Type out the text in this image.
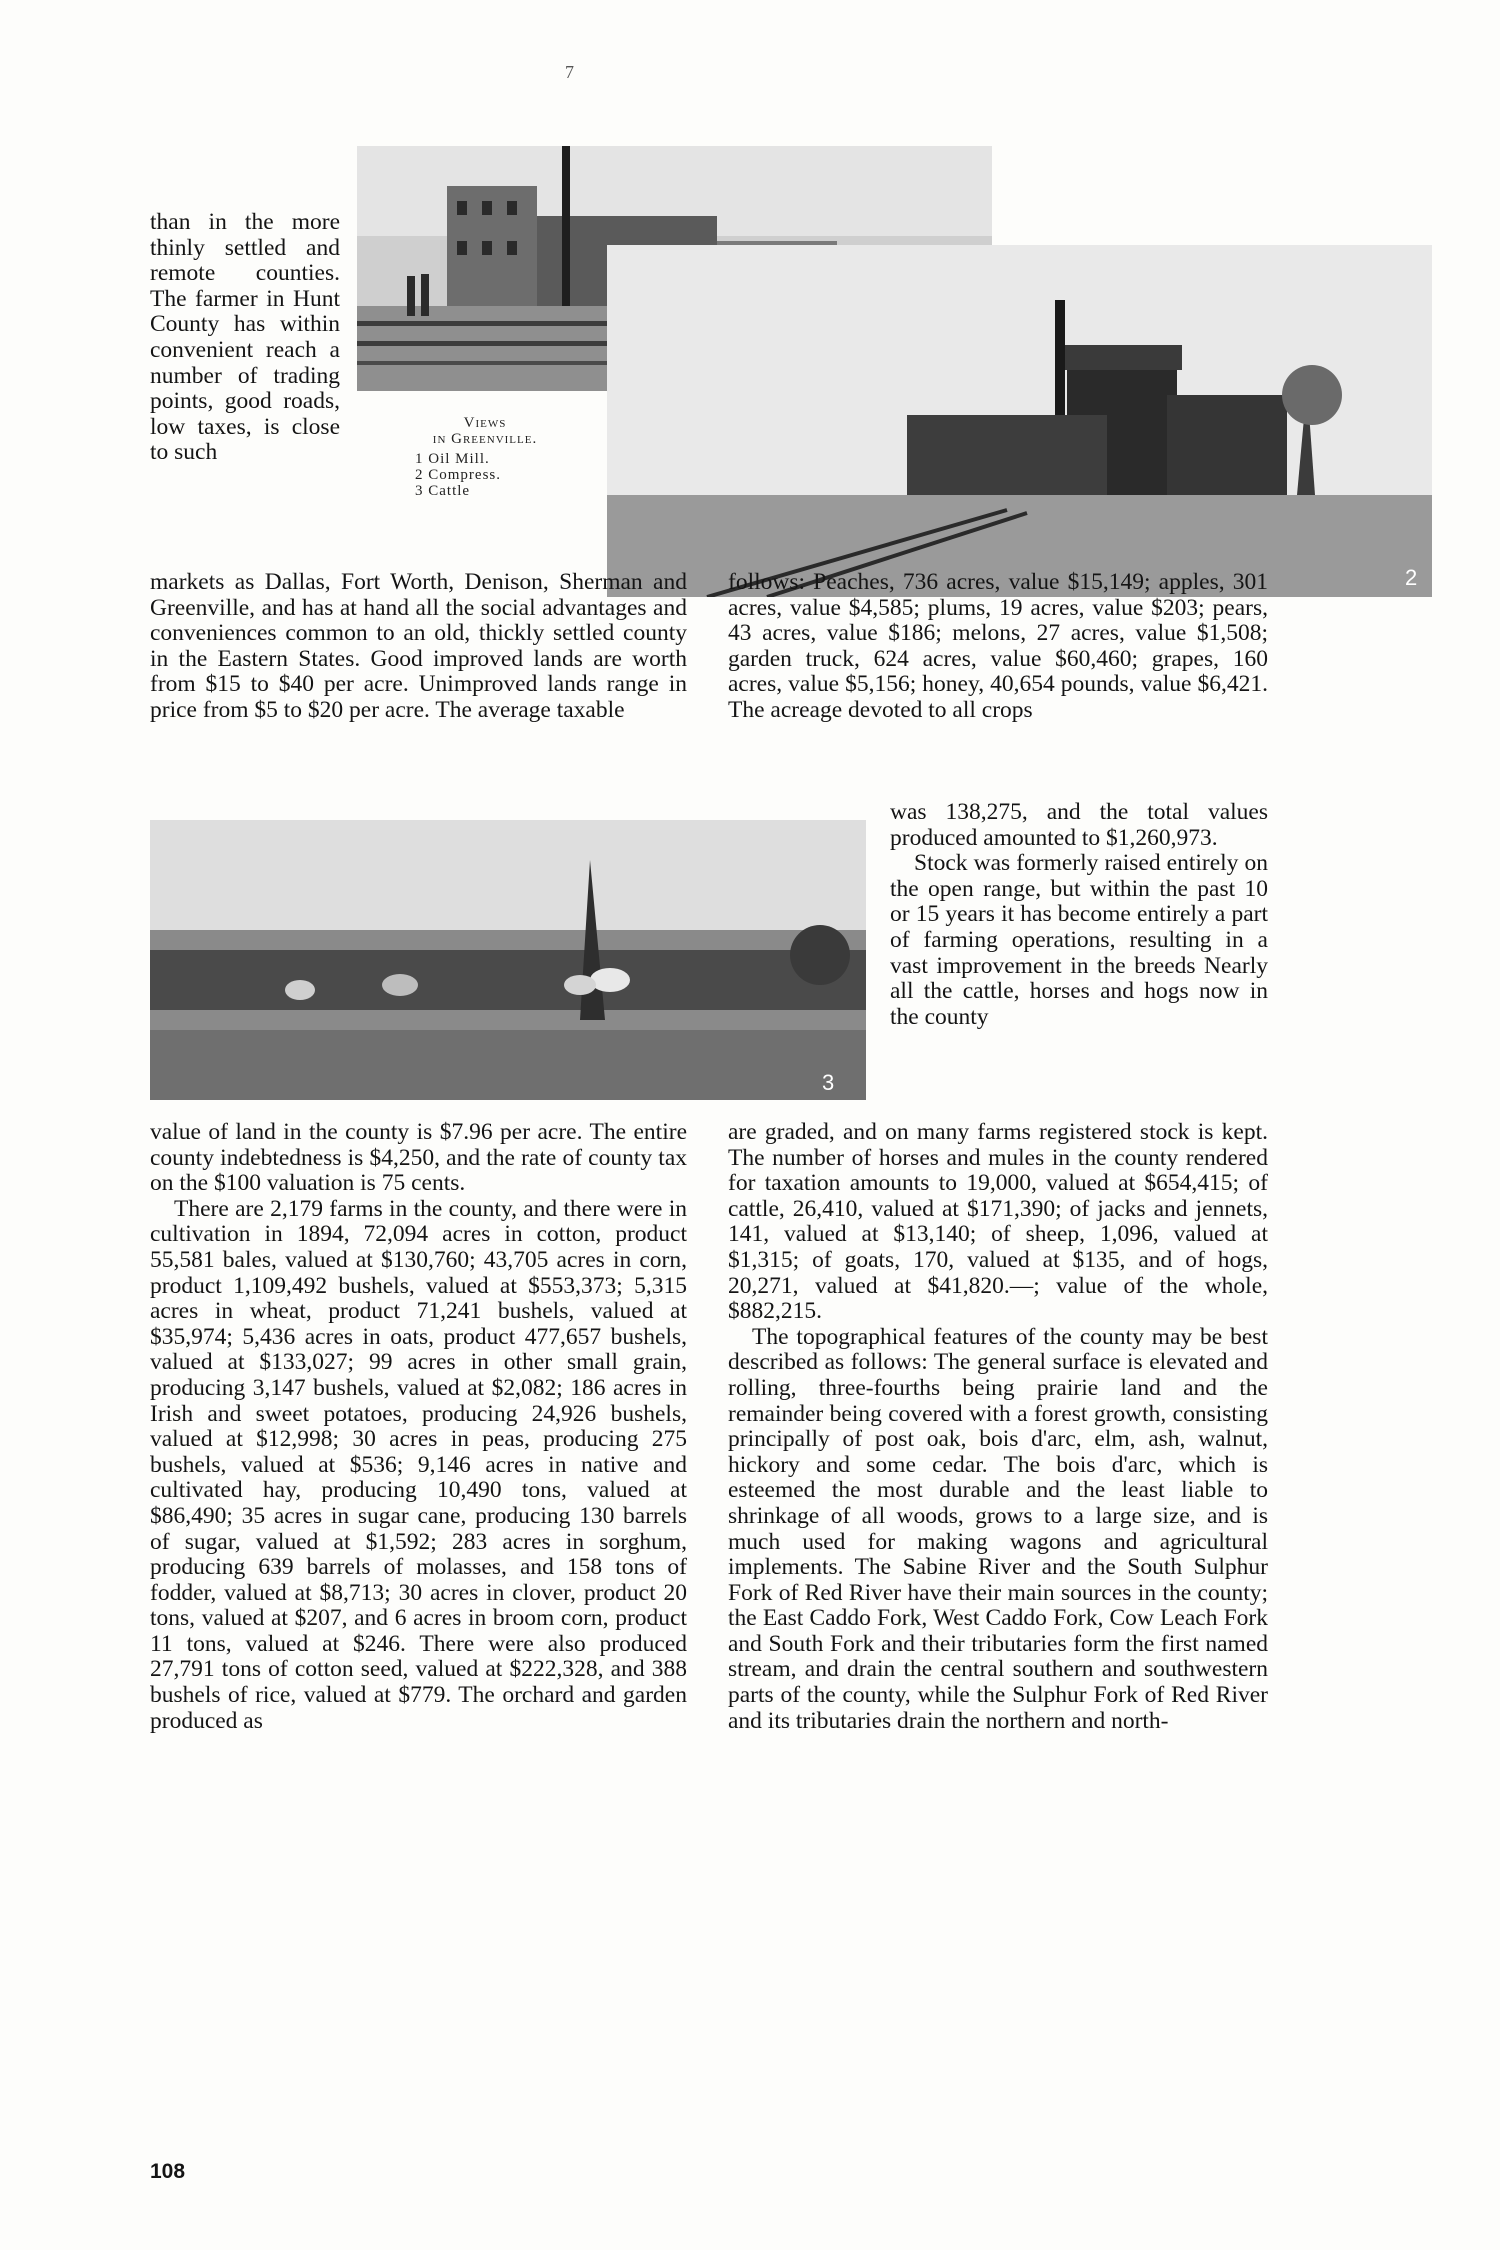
7
2
Views
in Greenville.
1 Oil Mill.
2 Compress.
3 Cattle
3

than in the more thinly settled and remote counties. The farmer in Hunt County has within convenient reach a number of trading points, good roads, low taxes, is close to such

markets as Dallas, Fort Worth, Denison, Sherman and Greenville, and has at hand all the social advantages and conveniences common to an old, thickly settled county in the Eastern States. Good improved lands are worth from $15 to $40 per acre. Unimproved lands range in price from $5 to $20 per acre. The average taxable

value of land in the county is $7.96 per acre. The entire county indebtedness is $4,250, and the rate of county tax on the $100 valuation is 75 cents.

There are 2,179 farms in the county, and there were in cultivation in 1894, 72,094 acres in cotton, product 55,581 bales, valued at $130,760; 43,705 acres in corn, product 1,109,492 bushels, valued at $553,373; 5,315 acres in wheat, product 71,241 bushels, valued at $35,974; 5,436 acres in oats, product 477,657 bushels, valued at $133,027; 99 acres in other small grain, producing 3,147 bushels, valued at $2,082; 186 acres in Irish and sweet potatoes, producing 24,926 bushels, valued at $12,998; 30 acres in peas, producing 275 bushels, valued at $536; 9,146 acres in native and cultivated hay, producing 10,490 tons, valued at $86,490; 35 acres in sugar cane, producing 130 barrels of sugar, valued at $1,592; 283 acres in sorghum, producing 639 barrels of molasses, and 158 tons of fodder, valued at $8,713; 30 acres in clover, product 20 tons, valued at $207, and 6 acres in broom corn, product 11 tons, valued at $246. There were also produced 27,791 tons of cotton seed, valued at $222,328, and 388 bushels of rice, valued at $779. The orchard and garden produced as

follows: Peaches, 736 acres, value $15,149; apples, 301 acres, value $4,585; plums, 19 acres, value $203; pears, 43 acres, value $186; melons, 27 acres, value $1,508; garden truck, 624 acres, value $60,460; grapes, 160 acres, value $5,156; honey, 40,654 pounds, value $6,421. The acreage devoted to all crops

was 138,275, and the total values produced amounted to $1,260,973.

Stock was formerly raised entirely on the open range, but within the past 10 or 15 years it has become entirely a part of farming operations, resulting in a vast improvement in the breeds Nearly all the cattle, horses and hogs now in the county

are graded, and on many farms registered stock is kept. The number of horses and mules in the county rendered for taxation amounts to 19,000, valued at $654,415; of cattle, 26,410, valued at $171,390; of jacks and jennets, 141, valued at $13,140; of sheep, 1,096, valued at $1,315; of goats, 170, valued at $135, and of hogs, 20,271, valued at $41,820.—; value of the whole, $882,215.

The topographical features of the county may be best described as follows: The general surface is elevated and rolling, three-fourths being prairie land and the remainder being covered with a forest growth, consisting principally of post oak, bois d'arc, elm, ash, walnut, hickory and some cedar. The bois d'arc, which is esteemed the most durable and the least liable to shrinkage of all woods, grows to a large size, and is much used for making wagons and agricultural implements. The Sabine River and the South Sulphur Fork of Red River have their main sources in the county; the East Caddo Fork, West Caddo Fork, Cow Leach Fork and South Fork and their tributaries form the first named stream, and drain the central southern and southwestern parts of the county, while the Sulphur Fork of Red River and its tributaries drain the northern and north-

108
